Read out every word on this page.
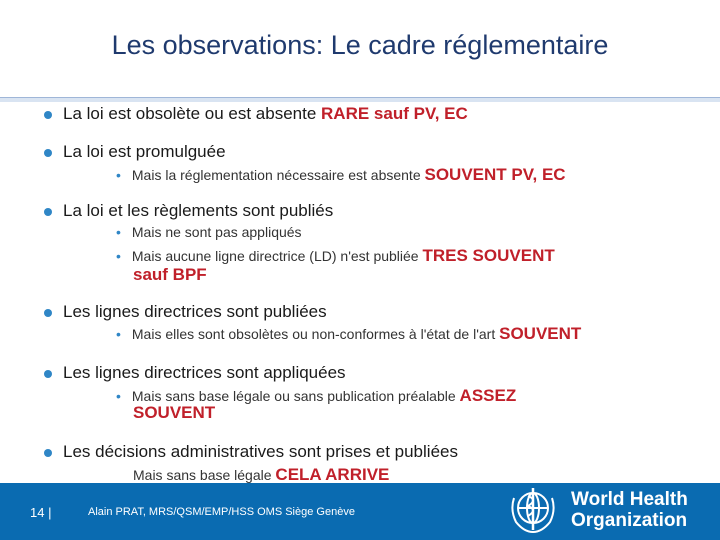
Les observations: Le cadre réglementaire
La loi est obsolète ou est absente RARE sauf PV, EC
La loi est promulguée
• Mais la réglementation nécessaire est absente SOUVENT PV, EC
La loi et les règlements sont publiés
• Mais ne sont pas appliqués
• Mais aucune ligne directrice (LD) n'est publiée TRES SOUVENT
sauf BPF
Les lignes directrices sont publiées
• Mais elles sont obsolètes ou non-conformes à l'état de l'art SOUVENT
Les lignes directrices sont appliquées
• Mais sans base légale ou sans publication préalable ASSEZ
SOUVENT
Les décisions administratives sont prises et publiées
Mais sans base légale CELA ARRIVE
14 |	Alain PRAT, MRS/QSM/EMP/HSS OMS Siège Genève
World Health
Organization
